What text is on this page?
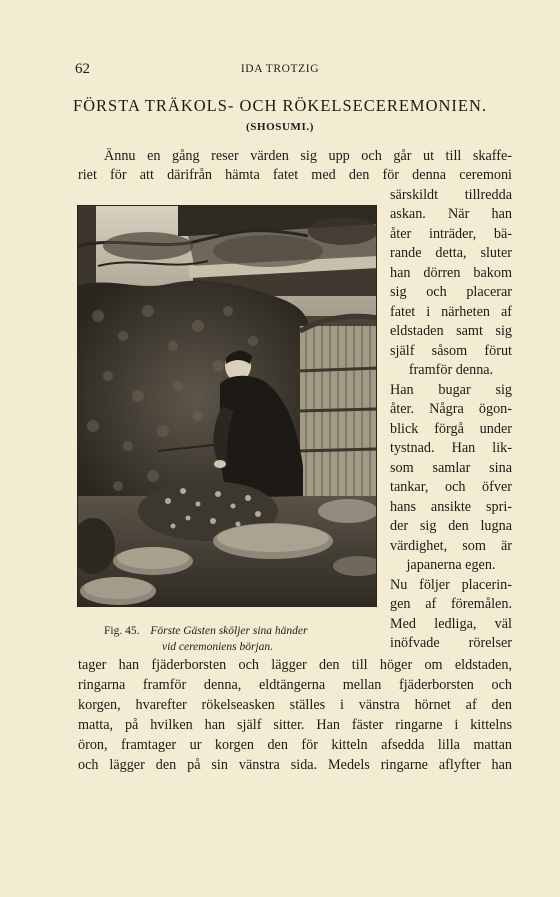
62	IDA TROTZIG
FÖRSTA TRÄKOLS- OCH RÖKELSECEREMONIEN.
(SHOSUMI.)
Ännu en gång reser värden sig upp och går ut till skaffe-
riet för att därifrån hämta fatet med den för denna ceremoni
särskildt tillredda
askan. När han
åter inträder, bä-
rande detta, sluter
han dörren bakom
sig och placerar
fatet i närheten af
eldstaden samt sig
själf såsom förut
framför denna.
Han bugar sig
åter. Några ögon-
blick förgå under
tystnad. Han lik-
som samlar sina
tankar, och öfver
hans ansikte spri-
der sig den lugna
värdighet, som är
japanerna egen.
Nu följer placerin-
gen af föremålen.
Med ledliga, väl
inöfvade rörelser
tager han fjäderborsten och lägger den till höger om eldstaden,
ringarna framför denna, eldtängerna mellan fjäderborsten och
korgen, hvarefter rökelseasken ställes i vänstra hörnet af den
matta, på hvilken han själf sitter. Han fäster ringarne i kittelns
öron, framtager ur korgen den för kitteln afsedda lilla mattan
och lägger den på sin vänstra sida. Medels ringarne aflyfter han
Fig. 45. Förste Gästen sköljer sina händer
vid ceremoniens början.
